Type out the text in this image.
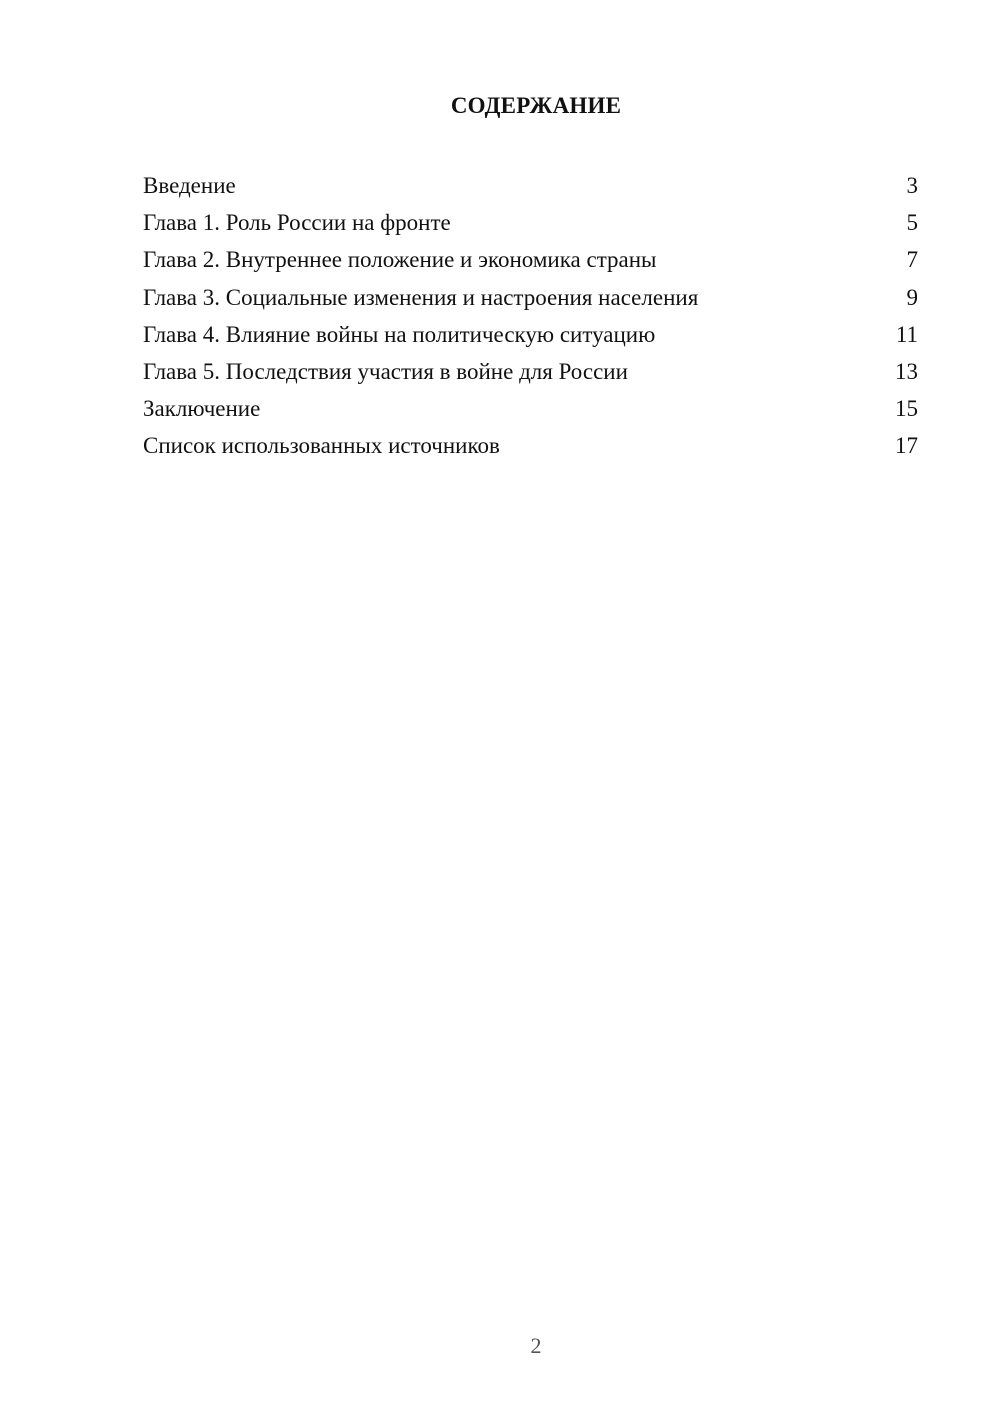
СОДЕРЖАНИЕ
Введение	3
Глава 1. Роль России на фронте	5
Глава 2. Внутреннее положение и экономика страны	7
Глава 3. Социальные изменения и настроения населения	9
Глава 4. Влияние войны на политическую ситуацию	11
Глава 5. Последствия участия в войне для России	13
Заключение	15
Список использованных источников	17
2
